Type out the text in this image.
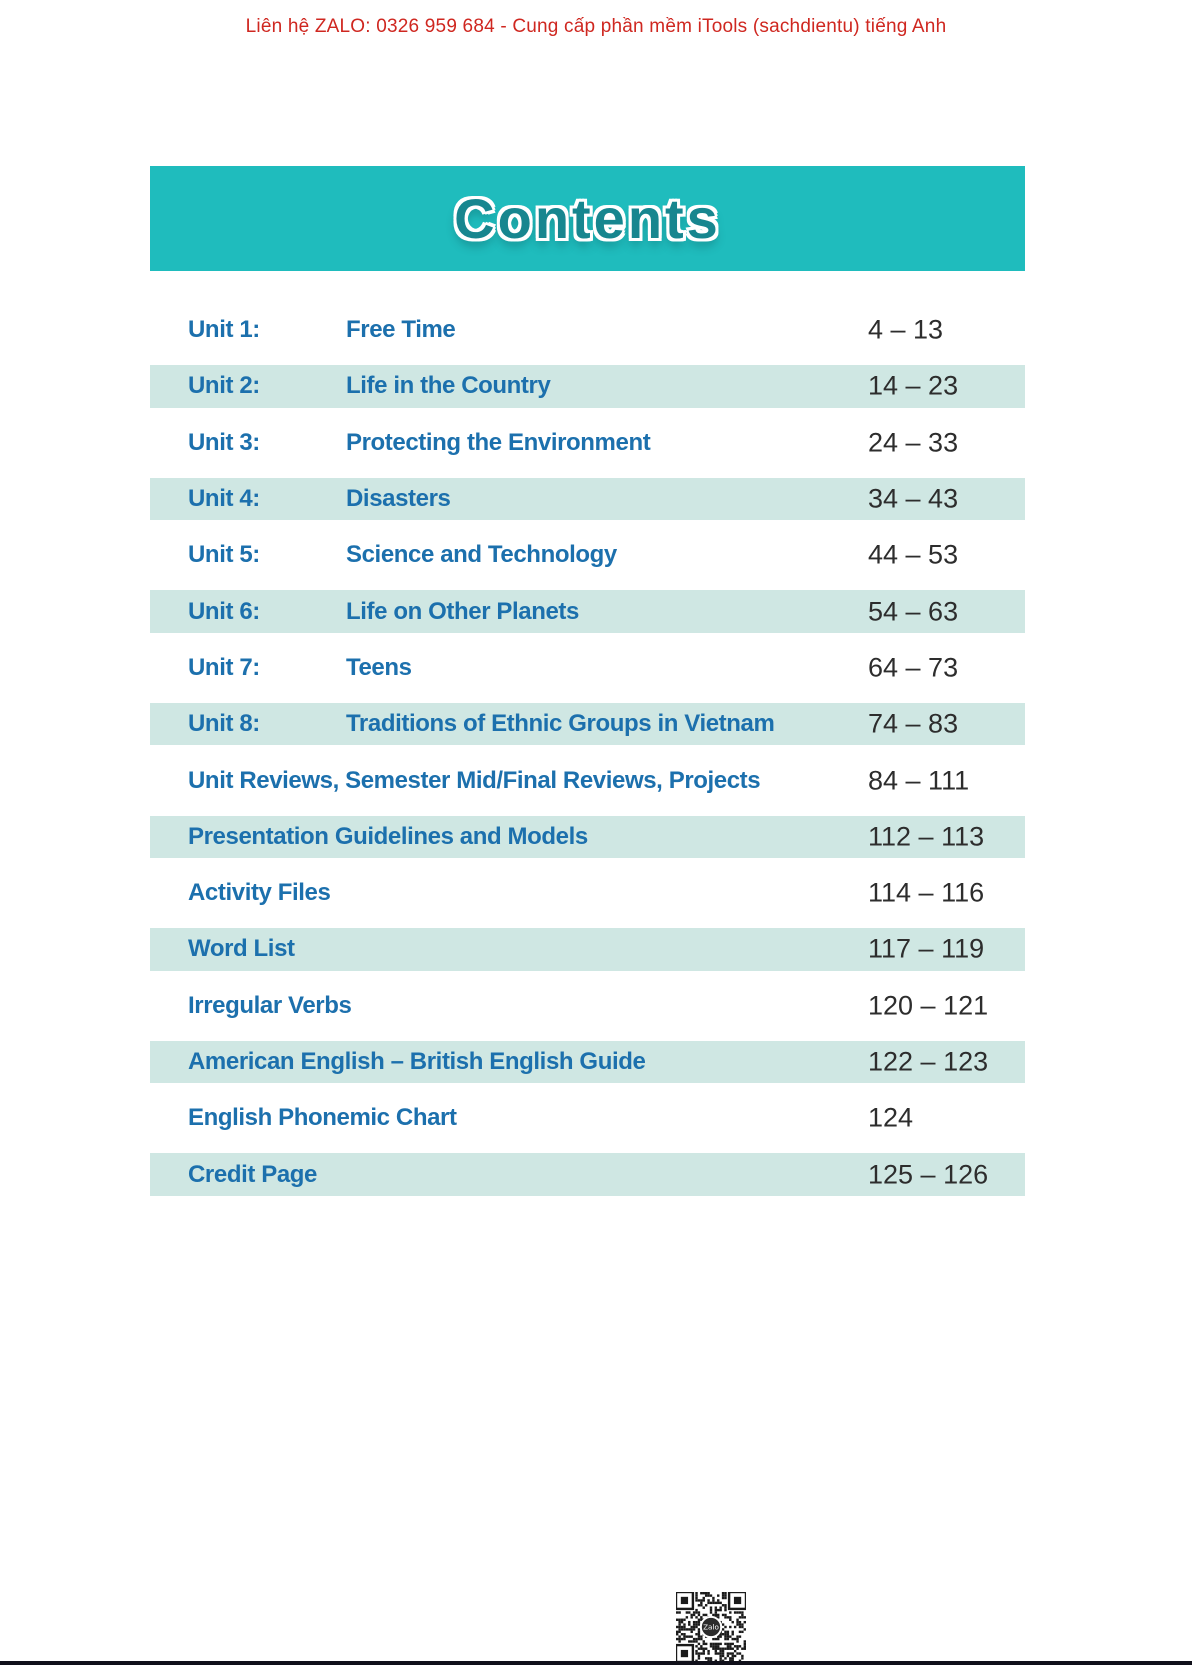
Liên hệ ZALO: 0326 959 684 - Cung cấp phần mềm iTools (sachdientu) tiếng Anh
Contents
Unit 1:	Free Time	4 – 13
Unit 2:	Life in the Country	14 – 23
Unit 3:	Protecting the Environment	24 – 33
Unit 4:	Disasters	34 – 43
Unit 5:	Science and Technology	44 – 53
Unit 6:	Life on Other Planets	54 – 63
Unit 7:	Teens	64 – 73
Unit 8:	Traditions of Ethnic Groups in Vietnam	74 – 83
Unit Reviews, Semester Mid/Final Reviews, Projects	84 – 111
Presentation Guidelines and Models	112 – 113
Activity Files	114 – 116
Word List	117 – 119
Irregular Verbs	120 – 121
American English – British English Guide	122 – 123
English Phonemic Chart	124
Credit Page	125 – 126
Zalo
